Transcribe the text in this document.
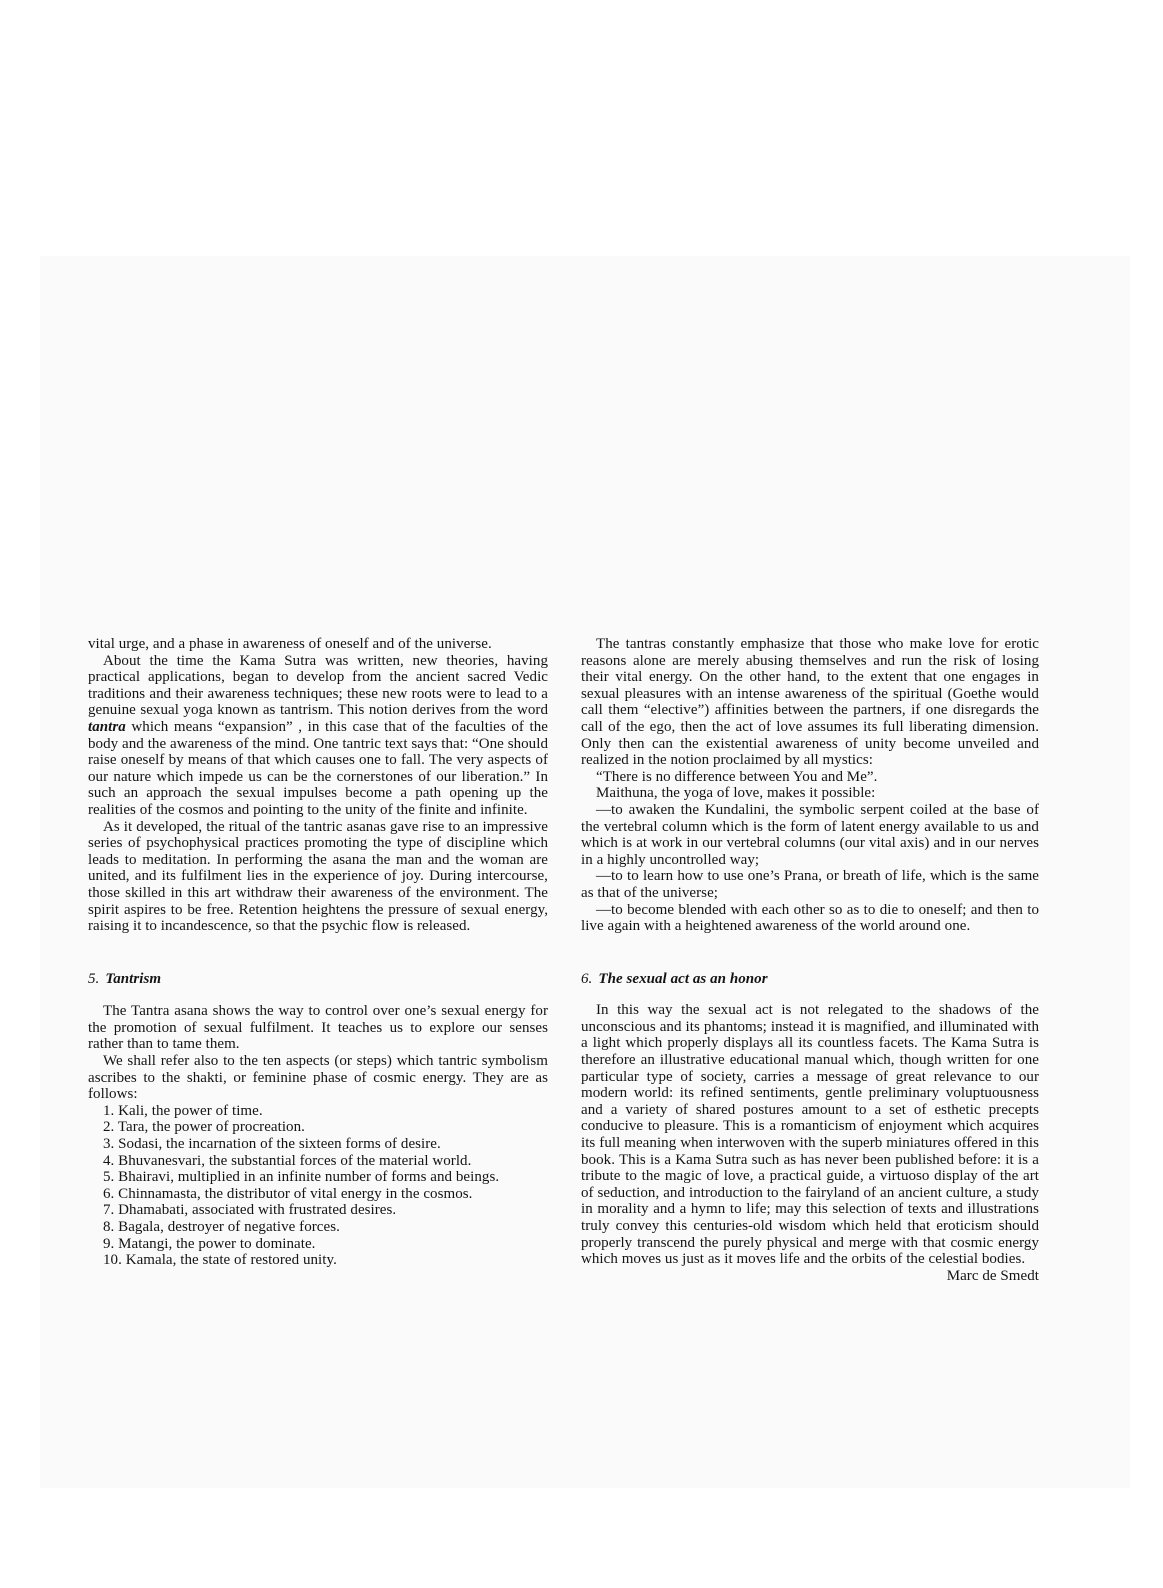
vital urge, and a phase in awareness of oneself and of the universe.

About the time the Kama Sutra was written, new theories, having practical applications, began to develop from the ancient sacred Vedic traditions and their awareness techniques; these new roots were to lead to a genuine sexual yoga known as tantrism. This notion derives from the word tantra which means “expansion” , in this case that of the faculties of the body and the awareness of the mind. One tantric text says that: “One should raise oneself by means of that which causes one to fall. The very aspects of our nature which impede us can be the cornerstones of our liberation.” In such an approach the sexual impulses become a path opening up the realities of the cosmos and pointing to the unity of the finite and infinite.

As it developed, the ritual of the tantric asanas gave rise to an impressive series of psychophysical practices promoting the type of discipline which leads to meditation. In performing the asana the man and the woman are united, and its fulfilment lies in the experience of joy. During intercourse, those skilled in this art withdraw their awareness of the environment. The spirit aspires to be free. Retention heightens the pressure of sexual energy, raising it to incandescence, so that the psychic flow is released.

5. Tantrism

The Tantra asana shows the way to control over one’s sexual energy for the promotion of sexual fulfilment. It teaches us to explore our senses rather than to tame them.

We shall refer also to the ten aspects (or steps) which tantric symbolism ascribes to the shakti, or feminine phase of cosmic energy. They are as follows:

1. Kali, the power of time.
2. Tara, the power of procreation.
3. Sodasi, the incarnation of the sixteen forms of desire.
4. Bhuvanesvari, the substantial forces of the material world.
5. Bhairavi, multiplied in an infinite number of forms and beings.
6. Chinnamasta, the distributor of vital energy in the cosmos.
7. Dhamabati, associated with frustrated desires.
8. Bagala, destroyer of negative forces.
9. Matangi, the power to dominate.
10. Kamala, the state of restored unity.

The tantras constantly emphasize that those who make love for erotic reasons alone are merely abusing themselves and run the risk of losing their vital energy. On the other hand, to the extent that one engages in sexual pleasures with an intense awareness of the spiritual (Goethe would call them “elective”) affinities between the partners, if one disregards the call of the ego, then the act of love assumes its full liberating dimension. Only then can the existential awareness of unity become unveiled and realized in the notion proclaimed by all mystics:

“There is no difference between You and Me”.

Maithuna, the yoga of love, makes it possible:

—to awaken the Kundalini, the symbolic serpent coiled at the base of the vertebral column which is the form of latent energy available to us and which is at work in our vertebral columns (our vital axis) and in our nerves in a highly uncontrolled way;

—to to learn how to use one’s Prana, or breath of life, which is the same as that of the universe;

—to become blended with each other so as to die to oneself; and then to live again with a heightened awareness of the world around one.

6. The sexual act as an honor

In this way the sexual act is not relegated to the shadows of the unconscious and its phantoms; instead it is magnified, and illuminated with a light which properly displays all its countless facets. The Kama Sutra is therefore an illustrative educational manual which, though written for one particular type of society, carries a message of great relevance to our modern world: its refined sentiments, gentle preliminary voluptuousness and a variety of shared postures amount to a set of esthetic precepts conducive to pleasure. This is a romanticism of enjoyment which acquires its full meaning when interwoven with the superb miniatures offered in this book. This is a Kama Sutra such as has never been published before: it is a tribute to the magic of love, a practical guide, a virtuoso display of the art of seduction, and introduction to the fairyland of an ancient culture, a study in morality and a hymn to life; may this selection of texts and illustrations truly convey this centuries-old wisdom which held that eroticism should properly transcend the purely physical and merge with that cosmic energy which moves us just as it moves life and the orbits of the celestial bodies.

Marc de Smedt
